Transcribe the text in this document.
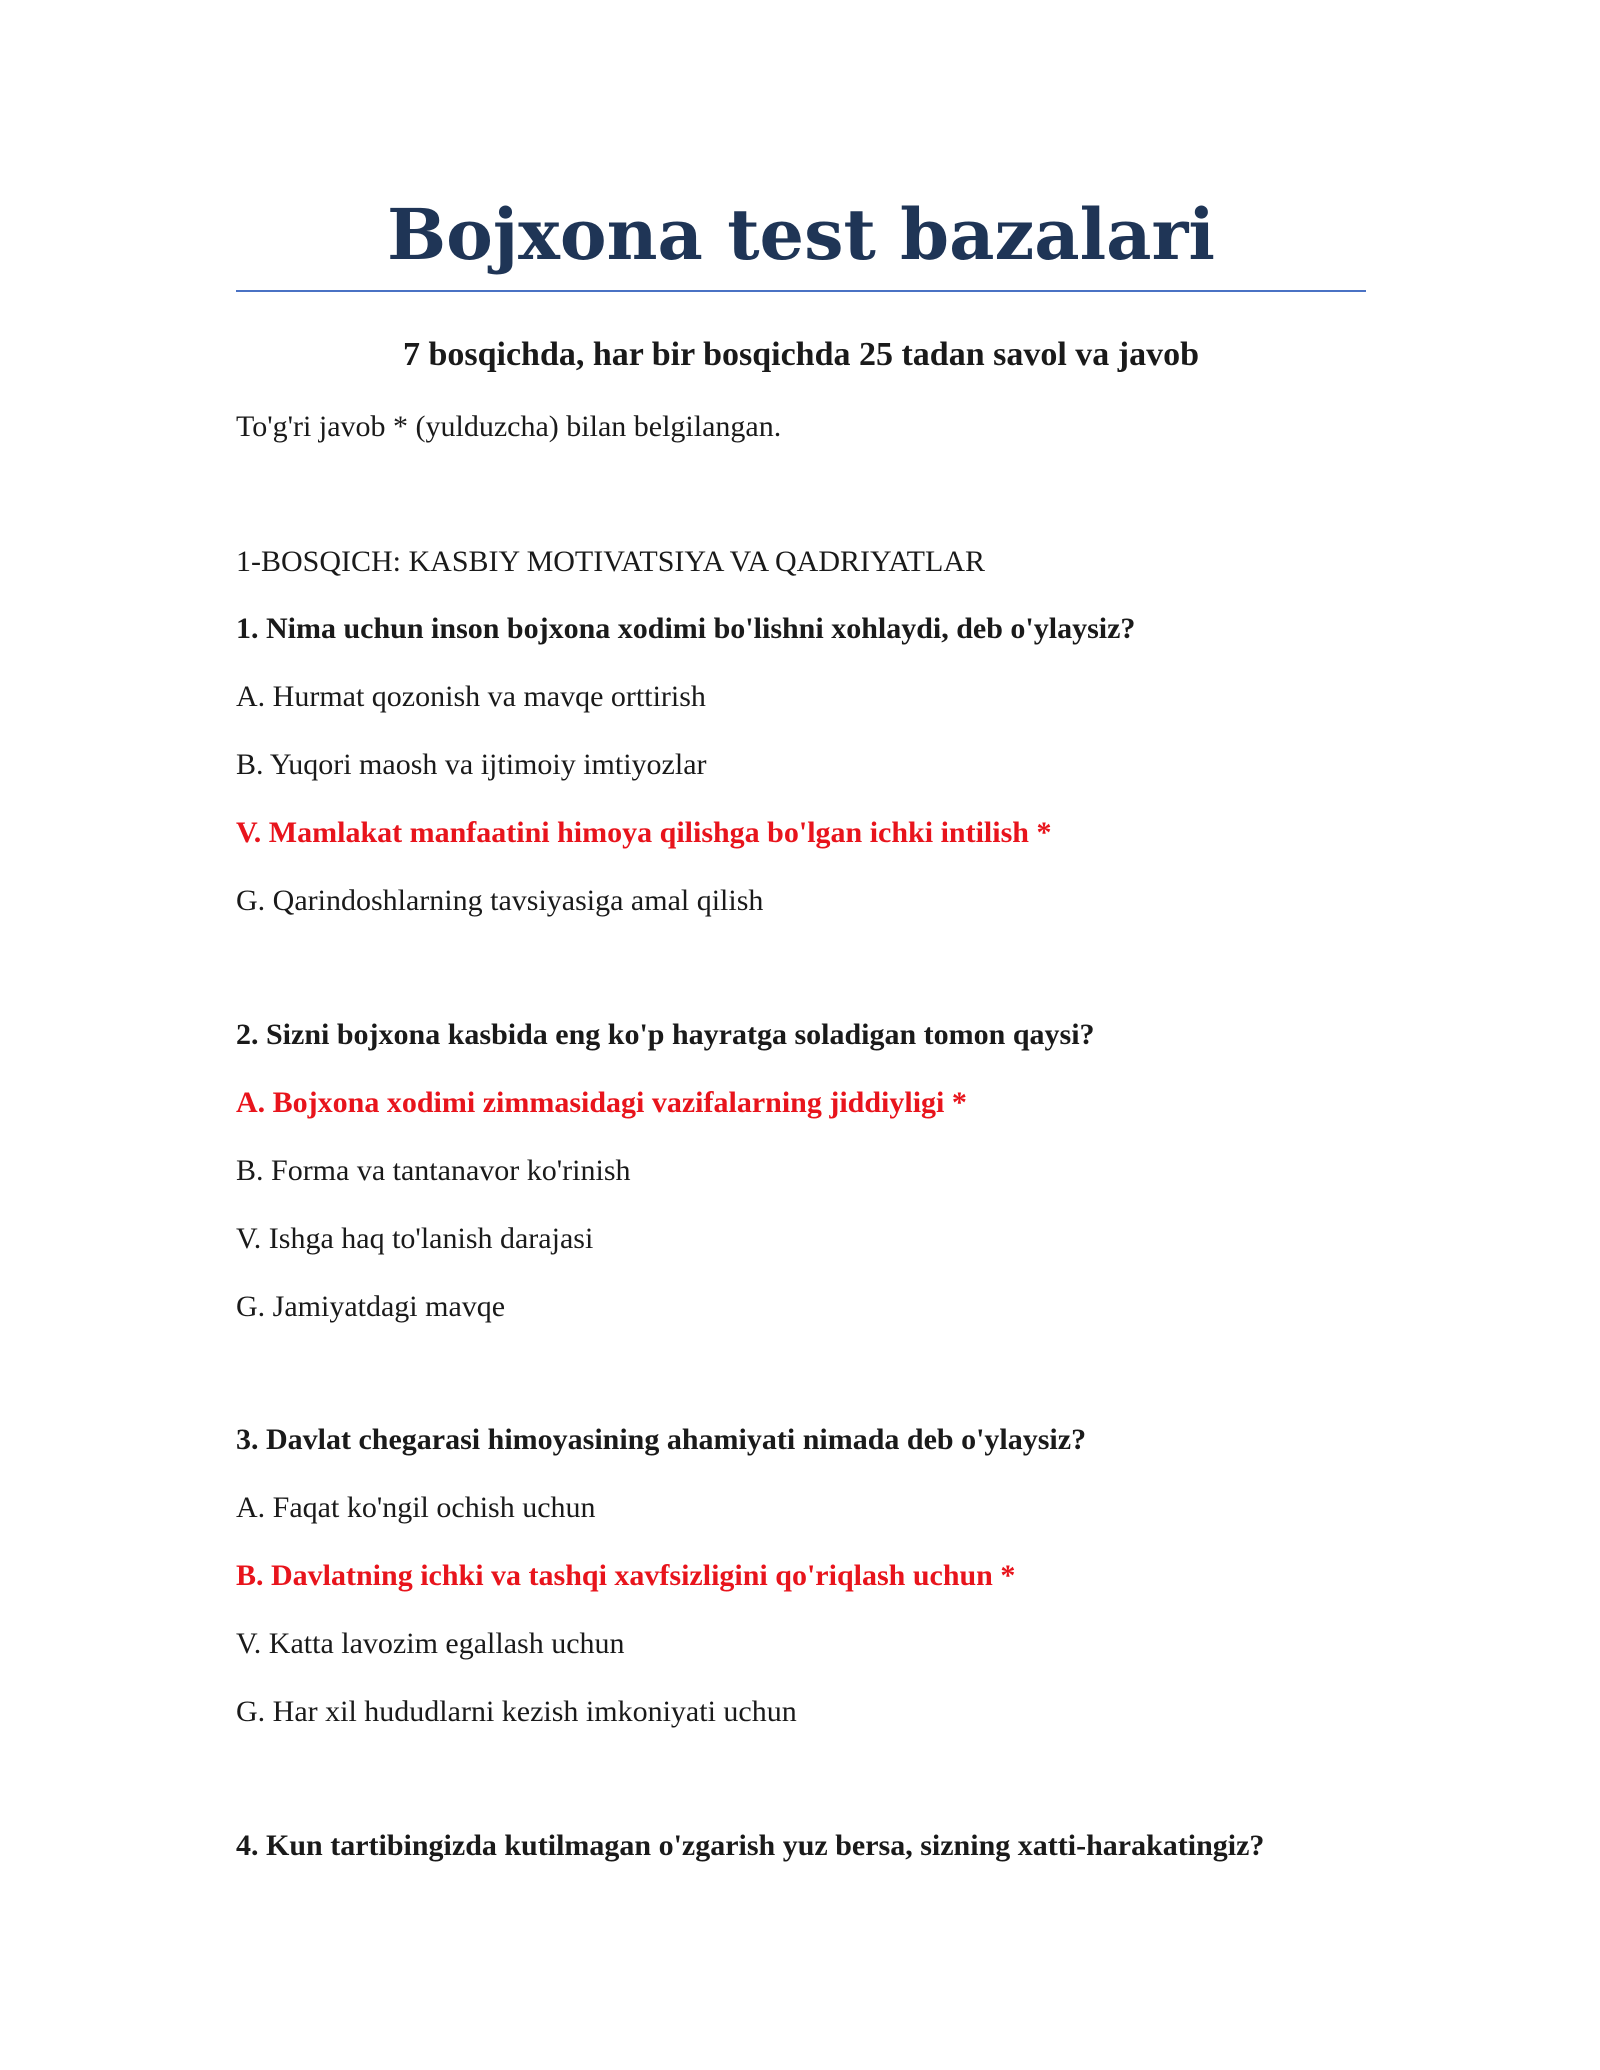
Bojxona test bazalari
7 bosqichda, har bir bosqichda 25 tadan savol va javob

To'g'ri javob * (yulduzcha) bilan belgilangan.

1-BOSQICH: KASBIY MOTIVATSIYA VA QADRIYATLAR

1. Nima uchun inson bojxona xodimi bo'lishni xohlaydi, deb o'ylaysiz?

A. Hurmat qozonish va mavqe orttirish

B. Yuqori maosh va ijtimoiy imtiyozlar

V. Mamlakat manfaatini himoya qilishga bo'lgan ichki intilish *

G. Qarindoshlarning tavsiyasiga amal qilish

2. Sizni bojxona kasbida eng ko'p hayratga soladigan tomon qaysi?

A. Bojxona xodimi zimmasidagi vazifalarning jiddiyligi *

B. Forma va tantanavor ko'rinish

V. Ishga haq to'lanish darajasi

G. Jamiyatdagi mavqe

3. Davlat chegarasi himoyasining ahamiyati nimada deb o'ylaysiz?

A. Faqat ko'ngil ochish uchun

B. Davlatning ichki va tashqi xavfsizligini qo'riqlash uchun *

V. Katta lavozim egallash uchun

G. Har xil hududlarni kezish imkoniyati uchun

4. Kun tartibingizda kutilmagan o'zgarish yuz bersa, sizning xatti-harakatingiz?
